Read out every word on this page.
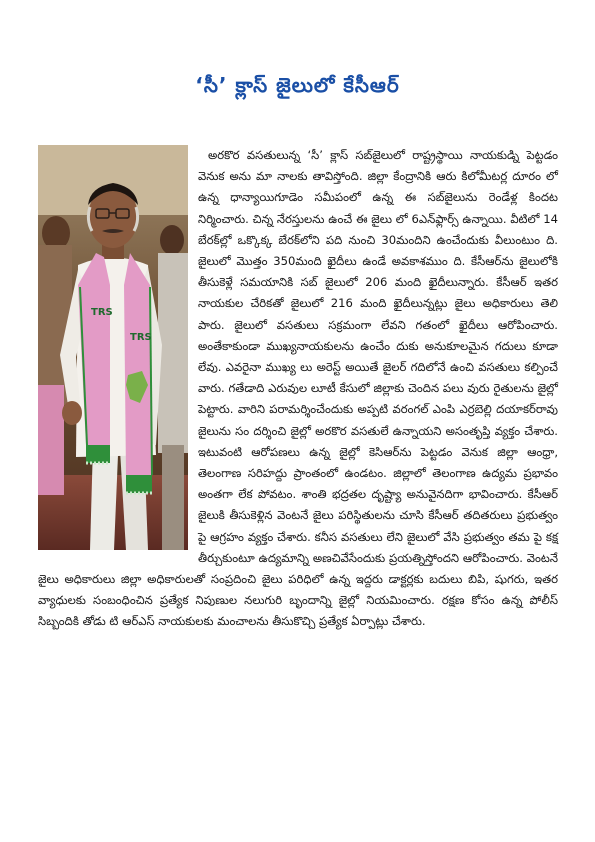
‘సీ’ క్లాస్ జైలులో కేసీఆర్
TRS
TRS

అరకొర వసతులున్న ‘సీ’ క్లాస్ సబ్‌జైలులో రాష్ట్రస్థాయి నాయకుడ్ని పెట్టడం వెనుక అను మా నాలకు తావిస్తోంది. జిల్లా కేంద్రానికి ఆరు కిలోమీటర్ల దూరం లో ఉన్న ధాన్యాయిగూడెం సమీపంలో ఉన్న ఈ సబ్‌జైలును రెండేళ్ల కిందట నిర్మించారు. చిన్న నేరస్తులను ఉంచే ఈ జైలు లో 6ఎన్‌ఫ్లార్స్ ఉన్నాయి. వీటిలో 14 బేరక్‌ల్లో ఒక్కొక్క బేరక్‌లోని పది నుంచి 30మందిని ఉంచేందుకు వీలుంటుం ది. జైలులో మొత్తం 350మంది ఖైదీలు ఉండే అవకాశముం ది. కేసీఆర్‌ను జైలులోకి తీసుకెళ్లే సమయానికి సబ్ జైలులో 206 మంది ఖైదీలున్నారు. కేసీఆర్ ఇతర నాయకుల చేరికతో జైలులో 216 మంది ఖైదీలున్నట్లు జైలు అధికారులు తెలి పారు. జైలులో వసతులు సక్రమంగా లేవని గతంలో ఖైదీలు ఆరోపించారు. అంతేకాకుండా ముఖ్యనాయకులను ఉంచేం దుకు అనుకూలమైన గదులు కూడా లేవు. ఎవరైనా ముఖ్య లు అరెస్ట్ అయితే జైలర్ గదిలోనే ఉంచి వసతులు కల్పించే వారు. గతేడాది ఎరువుల లూటీ కేసులో జిల్లాకు చెందిన పలు వురు రైతులను జైల్లో పెట్టారు. వారిని పరామర్శించేందుకు అప్పటి వరంగల్ ఎంపి ఎర్రబెల్లి దయాకర్‌రావు జైలును సం దర్శించి జైల్లో అరకొర వసతులే ఉన్నాయని అసంతృప్తి వ్యక్తం చేశారు. ఇటువంటి ఆరోపణలు ఉన్న జైల్లో కెసిఆర్‌ను పెట్టడం వెనుక జిల్లా ఆంధ్రా, తెలంగాణ సరిహద్దు ప్రాంతంలో ఉండటం. జిల్లాలో తెలంగాణ ఉద్యమ ప్రభావం అంతగా లేక పోవటం. శాంతి భద్రతల దృష్ట్యా అనువైనదిగా భావించారు. కేసీఆర్ జైలుకి తీసుకెళ్లిన వెంటనే జైలు పరిస్థితులను చూసి కేసీఆర్ తదితరులు ప్రభుత్వం పై ఆగ్రహం వ్యక్తం చేశారు. కనీస వసతులు లేని జైలులో వేసి ప్రభుత్వం తమ పై కక్ష తీర్చుకుంటూ ఉద్యమాన్ని అణచివేసేందుకు ప్రయత్నిస్తోందని ఆరోపించారు. వెంటనే జైలు అధికారులు జిల్లా అధికారులతో సంప్రదించి జైలు పరిధిలో ఉన్న ఇద్దరు డాక్టర్లకు బదులు బిపి, షుగరు, ఇతర వ్యాధులకు సంబంధించిన ప్రత్యేక నిపుణుల నలుగురి బృందాన్ని జైల్లో నియమించారు. రక్షణ కోసం ఉన్న పోలీస్ సిబ్బందికి తోడు టి ఆర్‌ఎస్ నాయకులకు మంచాలను తీసుకొచ్చి ప్రత్యేక ఏర్పాట్లు చేశారు.
